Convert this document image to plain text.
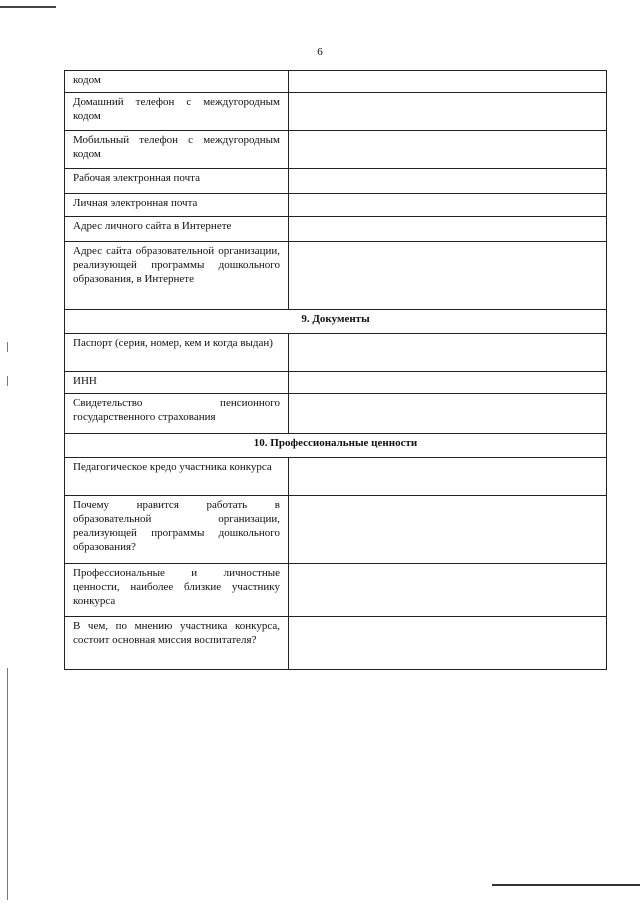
6
кодом	
Домашний телефон с междугородным кодом	
Мобильный телефон с междугородным кодом	
Рабочая электронная почта	
Личная электронная почта	
Адрес личного сайта в Интернете	
Адрес сайта образовательной организации, реализующей программы дошкольного образования, в Интернете	
9. Документы	
Паспорт (серия, номер, кем и когда выдан)	
ИНН	
Свидетельство пенсионного государственного страхования	
10. Профессиональные ценности	
Педагогическое кредо участника конкурса	
Почему нравится работать в образовательной организации, реализующей программы дошкольного образования?	
Профессиональные и личностные ценности, наиболее близкие участнику конкурса	
В чем, по мнению участника конкурса, состоит основная миссия воспитателя?	
